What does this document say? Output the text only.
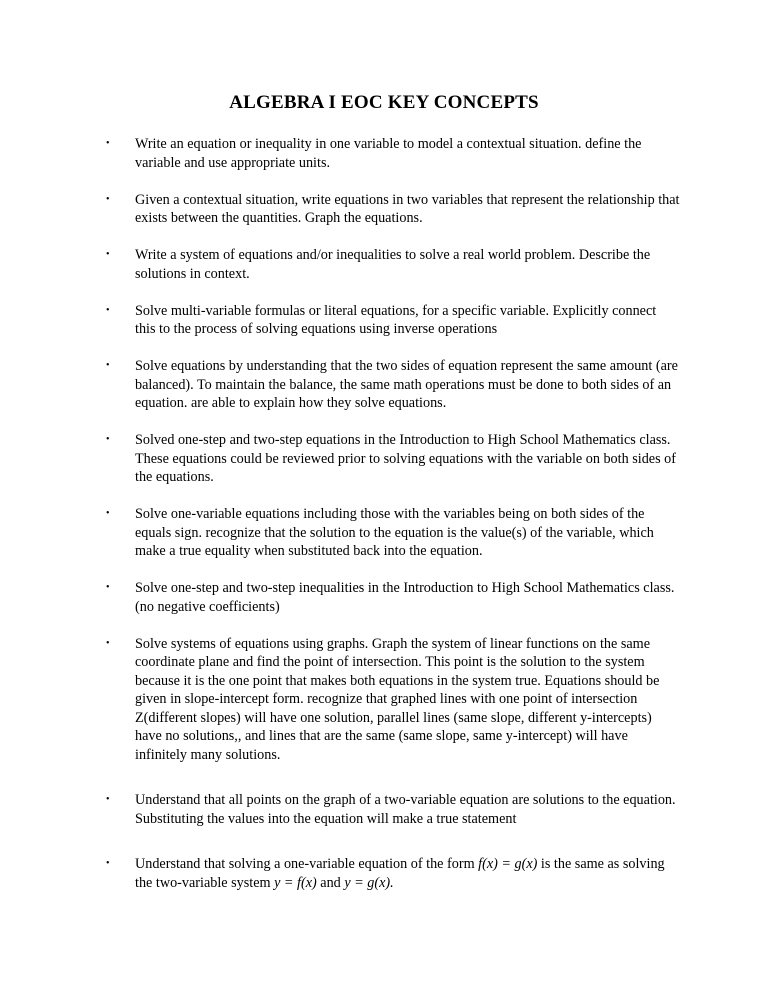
ALGEBRA I EOC KEY CONCEPTS
• Write an equation or inequality in one variable to model a contextual situation. define the variable and use appropriate units.
• Given a contextual situation, write equations in two variables that represent the relationship that exists between the quantities. Graph the equations.
• Write a system of equations and/or inequalities to solve a real world problem. Describe the solutions in context.
• Solve multi-variable formulas or literal equations, for a specific variable. Explicitly connect this to the process of solving equations using inverse operations
• Solve equations by understanding that the two sides of equation represent the same amount (are balanced). To maintain the balance, the same math operations must be done to both sides of an equation. are able to explain how they solve equations.
• Solved one-step and two-step equations in the Introduction to High School Mathematics class. These equations could be reviewed prior to solving equations with the variable on both sides of the equations.
• Solve one-variable equations including those with the variables being on both sides of the equals sign. recognize that the solution to the equation is the value(s) of the variable, which make a true equality when substituted back into the equation.
• Solve one-step and two-step inequalities in the Introduction to High School Mathematics class. (no negative coefficients)
• Solve systems of equations using graphs. Graph the system of linear functions on the same coordinate plane and find the point of intersection. This point is the solution to the system because it is the one point that makes both equations in the system true. Equations should be given in slope-intercept form. recognize that graphed lines with one point of intersection Z(different slopes) will have one solution, parallel lines (same slope, different y-intercepts) have no solutions,, and lines that are the same (same slope, same y-intercept) will have infinitely many solutions.
• Understand that all points on the graph of a two-variable equation are solutions to the equation. Substituting the values into the equation will make a true statement
• Understand that solving a one-variable equation of the form f(x) = g(x) is the same as solving the two-variable system y = f(x) and y = g(x).
